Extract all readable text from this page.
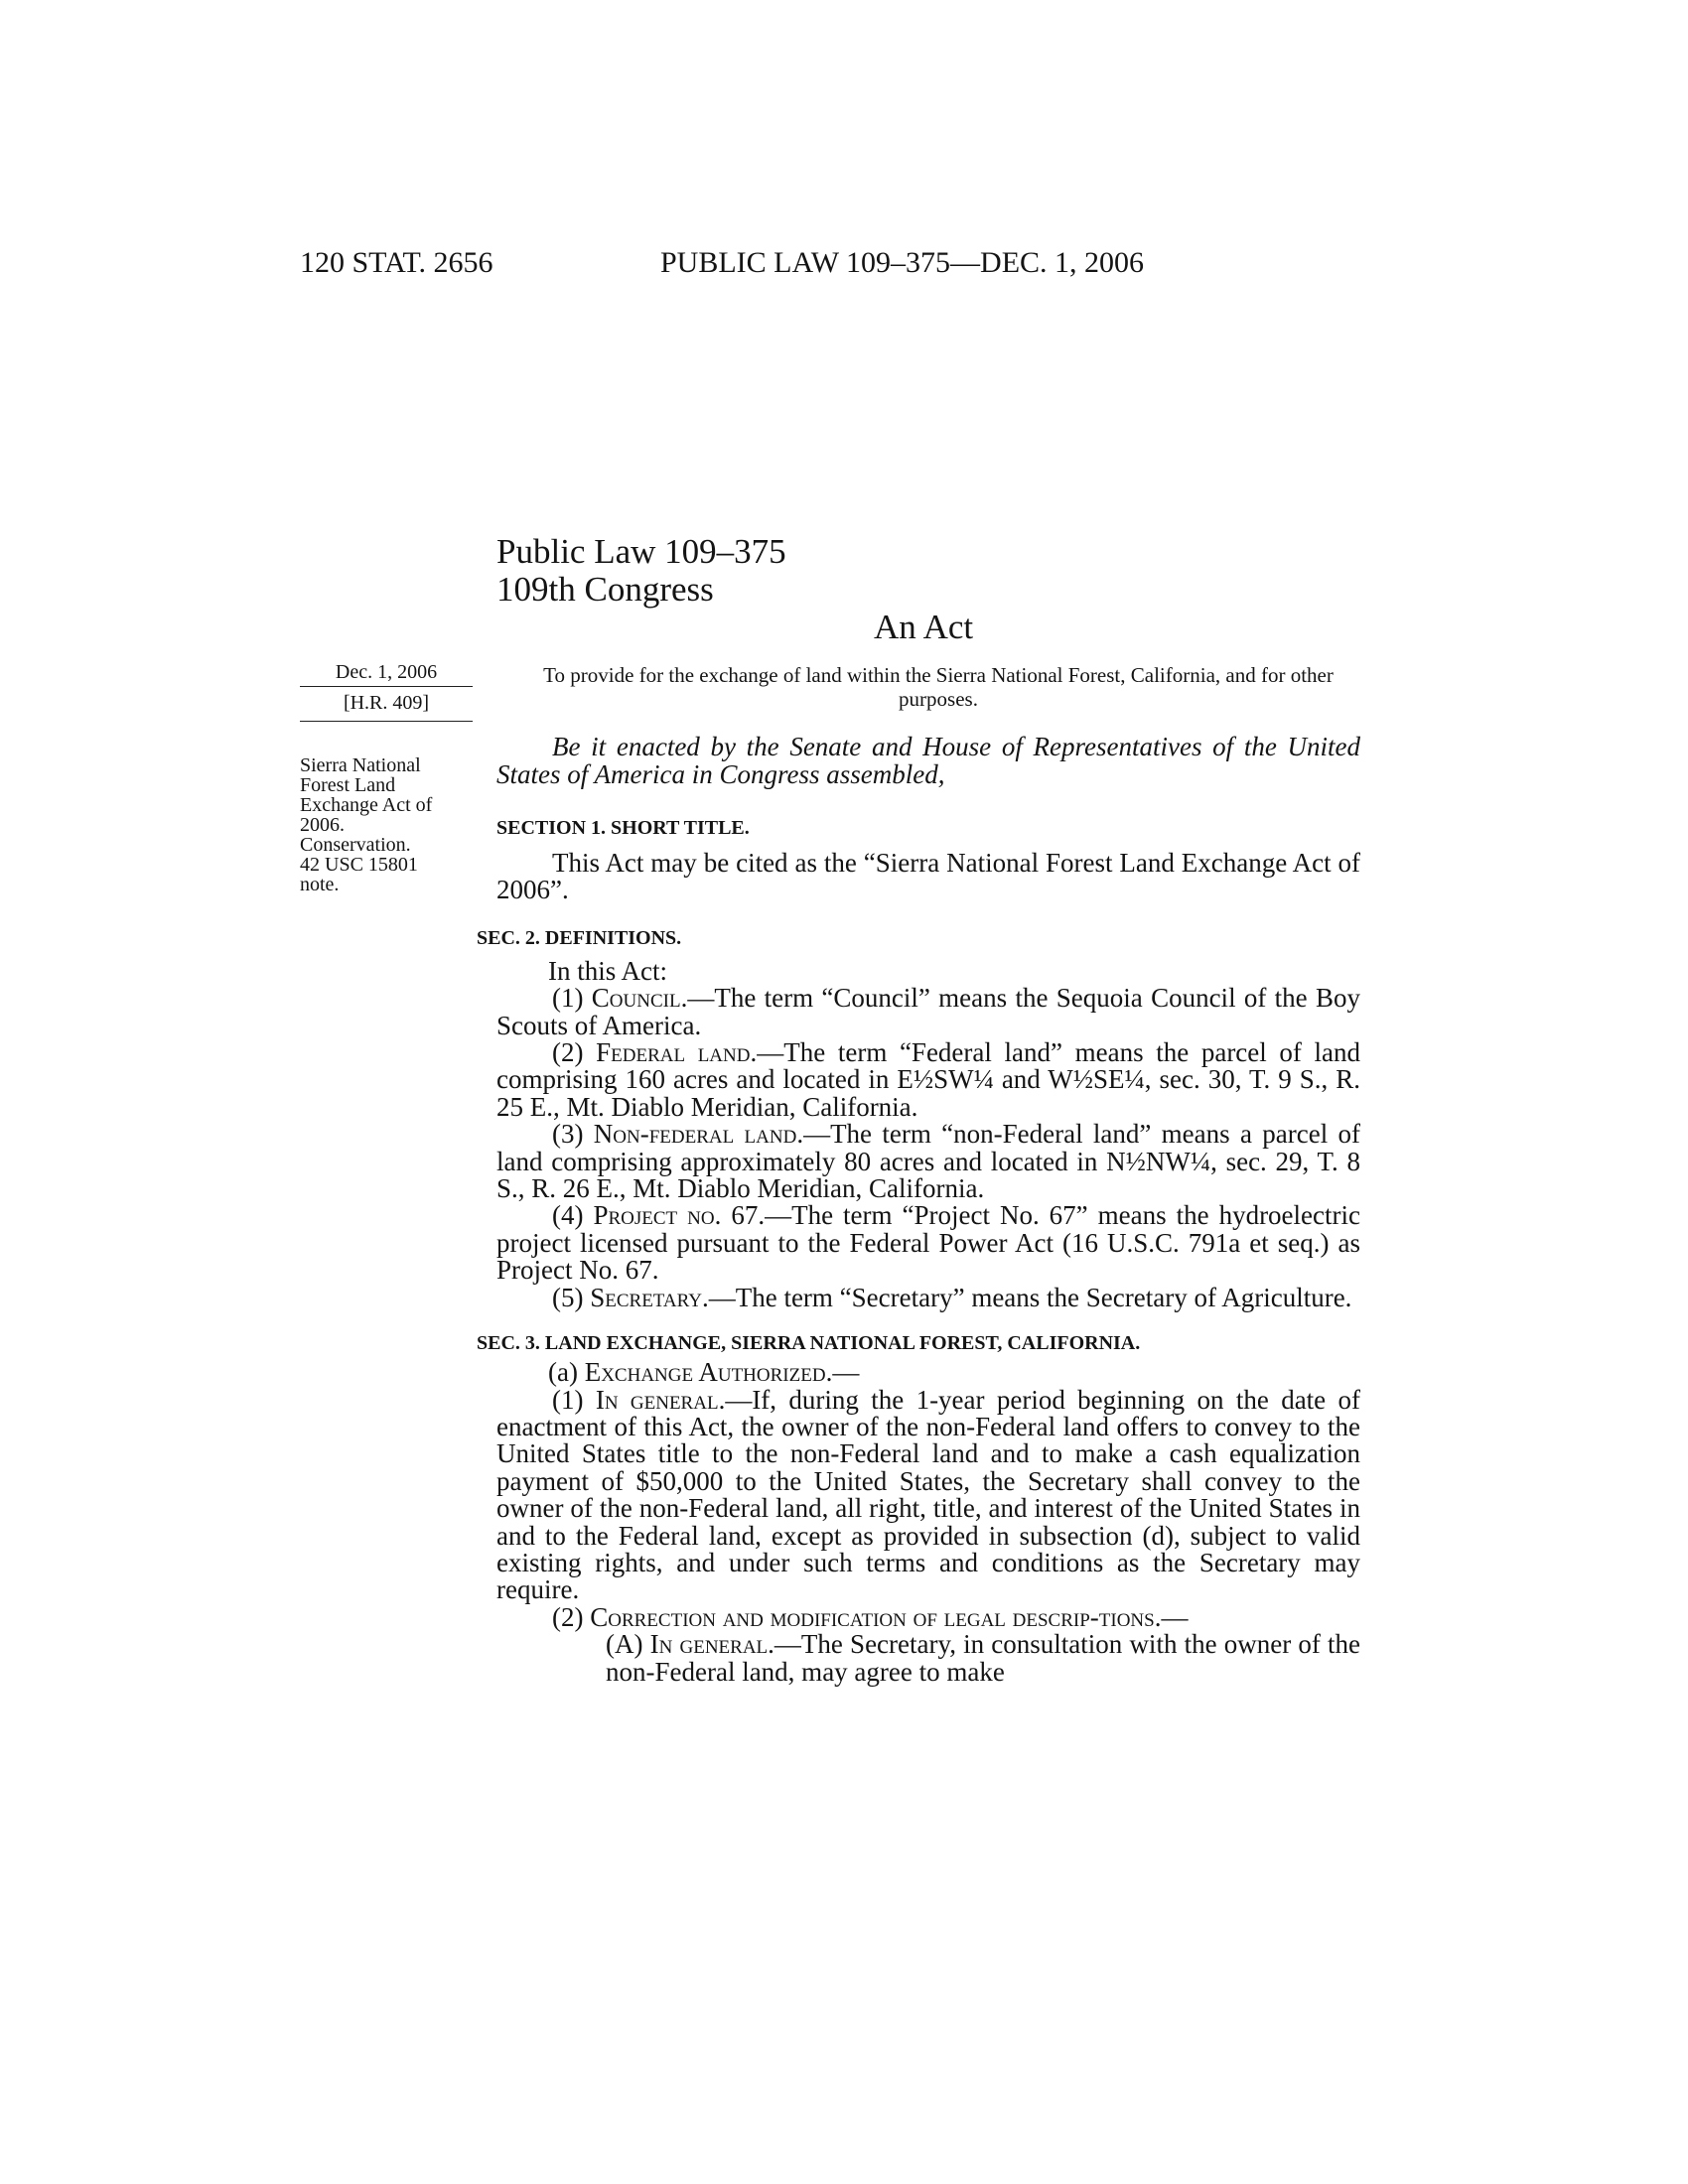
120 STAT. 2656	PUBLIC LAW 109–375—DEC. 1, 2006
Public Law 109–375
109th Congress
An Act
Dec. 1, 2006
[H.R. 409]
Sierra National
Forest Land
Exchange Act of
2006.
Conservation.
42 USC 15801
note.
To provide for the exchange of land within the Sierra National Forest, California, and for other purposes.
Be it enacted by the Senate and House of Representatives of the United States of America in Congress assembled,
SECTION 1. SHORT TITLE.

This Act may be cited as the “Sierra National Forest Land Exchange Act of 2006”.

SEC. 2. DEFINITIONS.

In this Act:

(1) Council.—The term “Council” means the Sequoia Council of the Boy Scouts of America.

(2) Federal land.—The term “Federal land” means the parcel of land comprising 160 acres and located in E½SW¼ and W½SE¼, sec. 30, T. 9 S., R. 25 E., Mt. Diablo Meridian, California.

(3) Non-federal land.—The term “non-Federal land” means a parcel of land comprising approximately 80 acres and located in N½NW¼, sec. 29, T. 8 S., R. 26 E., Mt. Diablo Meridian, California.

(4) Project no. 67.—The term “Project No. 67” means the hydroelectric project licensed pursuant to the Federal Power Act (16 U.S.C. 791a et seq.) as Project No. 67.

(5) Secretary.—The term “Secretary” means the Secretary of Agriculture.

SEC. 3. LAND EXCHANGE, SIERRA NATIONAL FOREST, CALIFORNIA.

(a) Exchange Authorized.—

(1) In general.—If, during the 1-year period beginning on the date of enactment of this Act, the owner of the non-Federal land offers to convey to the United States title to the non-Federal land and to make a cash equalization payment of $50,000 to the United States, the Secretary shall convey to the owner of the non-Federal land, all right, title, and interest of the United States in and to the Federal land, except as provided in subsection (d), subject to valid existing rights, and under such terms and conditions as the Secretary may require.

(2) Correction and modification of legal descrip-tions.—

(A) In general.—The Secretary, in consultation with the owner of the non-Federal land, may agree to make
